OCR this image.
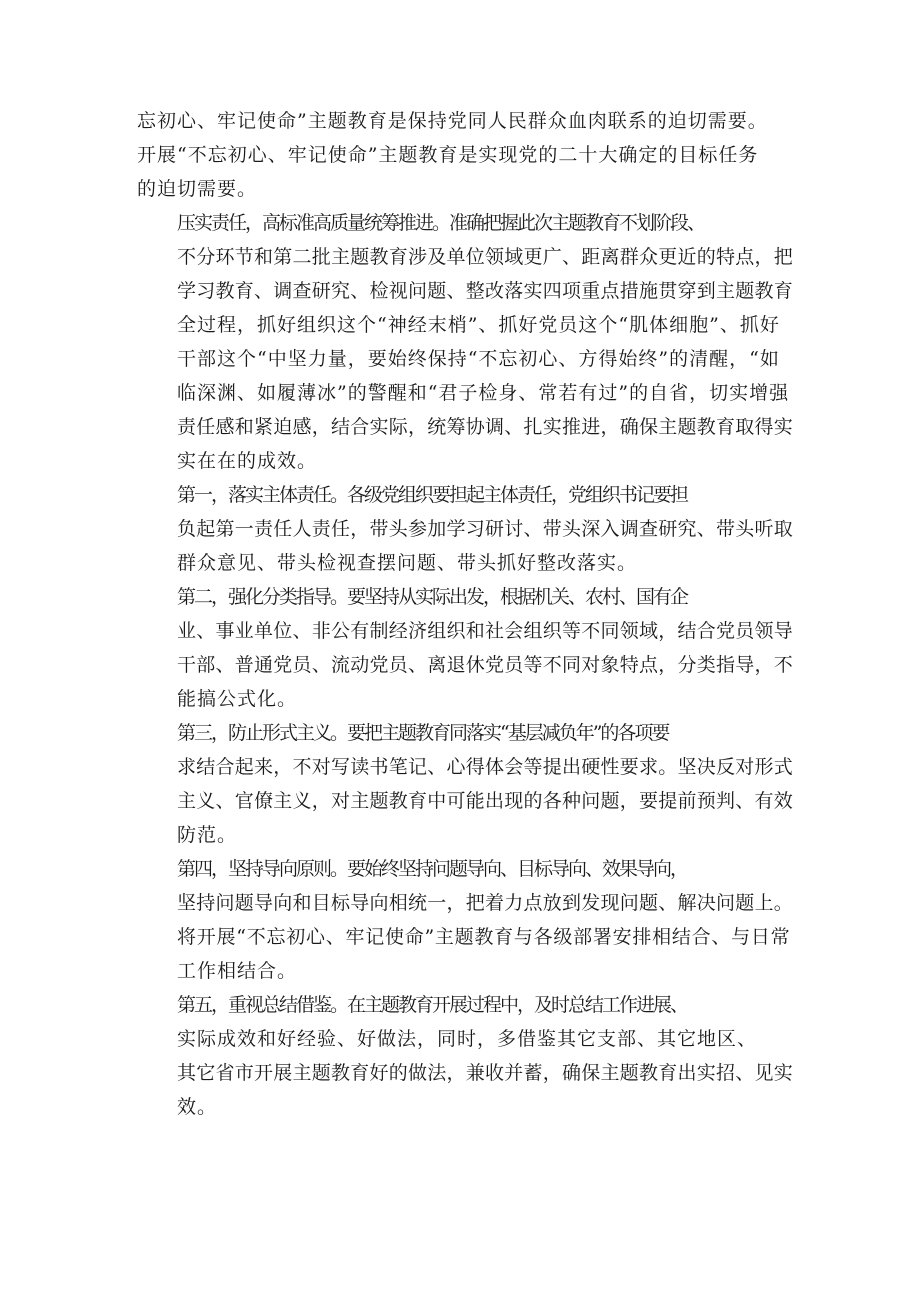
忘初心、牢记使命”主题教育是保持党同人民群众血肉联系的迫切需要。
开展“不忘初心、牢记使命”主题教育是实现党的二十大确定的目标任务
的迫切需要。

压实责任，高标准高质量统筹推进。准确把握此次主题教育不划阶段、
不分环节和第二批主题教育涉及单位领域更广、距离群众更近的特点，把
学习教育、调查研究、检视问题、整改落实四项重点措施贯穿到主题教育
全过程，抓好组织这个“神经末梢”、抓好党员这个“肌体细胞”、抓好
干部这个“中坚力量，要始终保持“不忘初心、方得始终”的清醒，“如
临深渊、如履薄冰”的警醒和“君子检身、常若有过”的自省，切实增强
责任感和紧迫感，结合实际，统筹协调、扎实推进，确保主题教育取得实
实在在的成效。

第一，落实主体责任。各级党组织要担起主体责任，党组织书记要担
负起第一责任人责任，带头参加学习研讨、带头深入调查研究、带头听取
群众意见、带头检视查摆问题、带头抓好整改落实。

第二，强化分类指导。要坚持从实际出发，根据机关、农村、国有企
业、事业单位、非公有制经济组织和社会组织等不同领域，结合党员领导
干部、普通党员、流动党员、离退休党员等不同对象特点，分类指导，不
能搞公式化。

第三，防止形式主义。要把主题教育同落实“基层减负年”的各项要
求结合起来，不对写读书笔记、心得体会等提出硬性要求。坚决反对形式
主义、官僚主义，对主题教育中可能出现的各种问题，要提前预判、有效
防范。

第四，坚持导向原则。要始终坚持问题导向、目标导向、效果导向，
坚持问题导向和目标导向相统一，把着力点放到发现问题、解决问题上。
将开展“不忘初心、牢记使命”主题教育与各级部署安排相结合、与日常
工作相结合。

第五，重视总结借鉴。在主题教育开展过程中，及时总结工作进展、
实际成效和好经验、好做法，同时，多借鉴其它支部、其它地区、
其它省市开展主题教育好的做法，兼收并蓄，确保主题教育出实招、见实
效。
